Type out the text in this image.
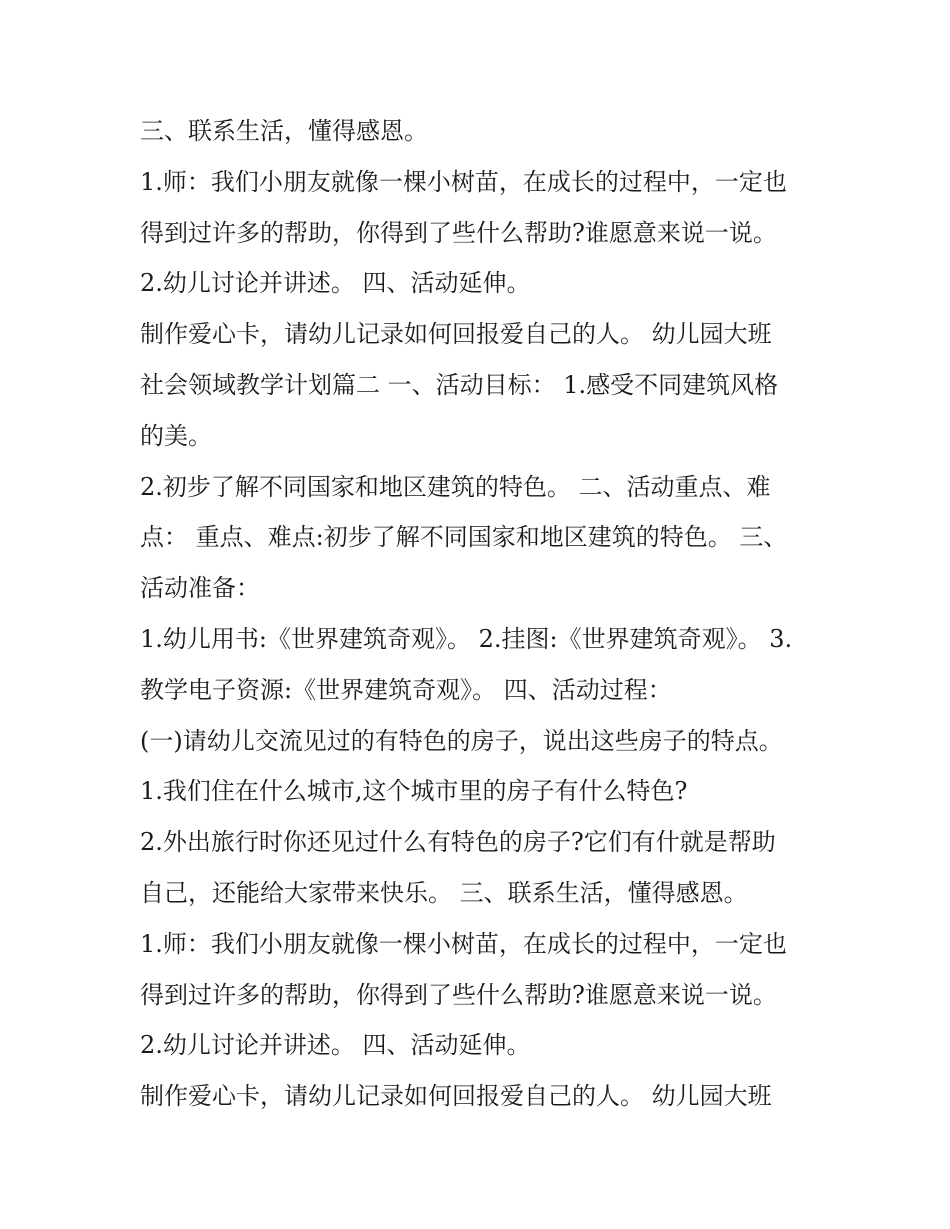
三、联系生活，懂得感恩。
1.师：我们小朋友就像一棵小树苗，在成长的过程中，一定也
得到过许多的帮助，你得到了些什么帮助?谁愿意来说一说。
2.幼儿讨论并讲述。 四、活动延伸。
制作爱心卡，请幼儿记录如何回报爱自己的人。 幼儿园大班
社会领域教学计划篇二 一、活动目标： 1.感受不同建筑风格
的美。
2.初步了解不同国家和地区建筑的特色。 二、活动重点、难
点： 重点、难点:初步了解不同国家和地区建筑的特色。 三、
活动准备：
1.幼儿用书:《世界建筑奇观》。 2.挂图:《世界建筑奇观》。 3.
教学电子资源:《世界建筑奇观》。 四、活动过程：
(一)请幼儿交流见过的有特色的房子，说出这些房子的特点。
1.我们住在什么城市,这个城市里的房子有什么特色?
2.外出旅行时你还见过什么有特色的房子?它们有什就是帮助
自己，还能给大家带来快乐。 三、联系生活，懂得感恩。
1.师：我们小朋友就像一棵小树苗，在成长的过程中，一定也
得到过许多的帮助，你得到了些什么帮助?谁愿意来说一说。
2.幼儿讨论并讲述。 四、活动延伸。
制作爱心卡，请幼儿记录如何回报爱自己的人。 幼儿园大班
